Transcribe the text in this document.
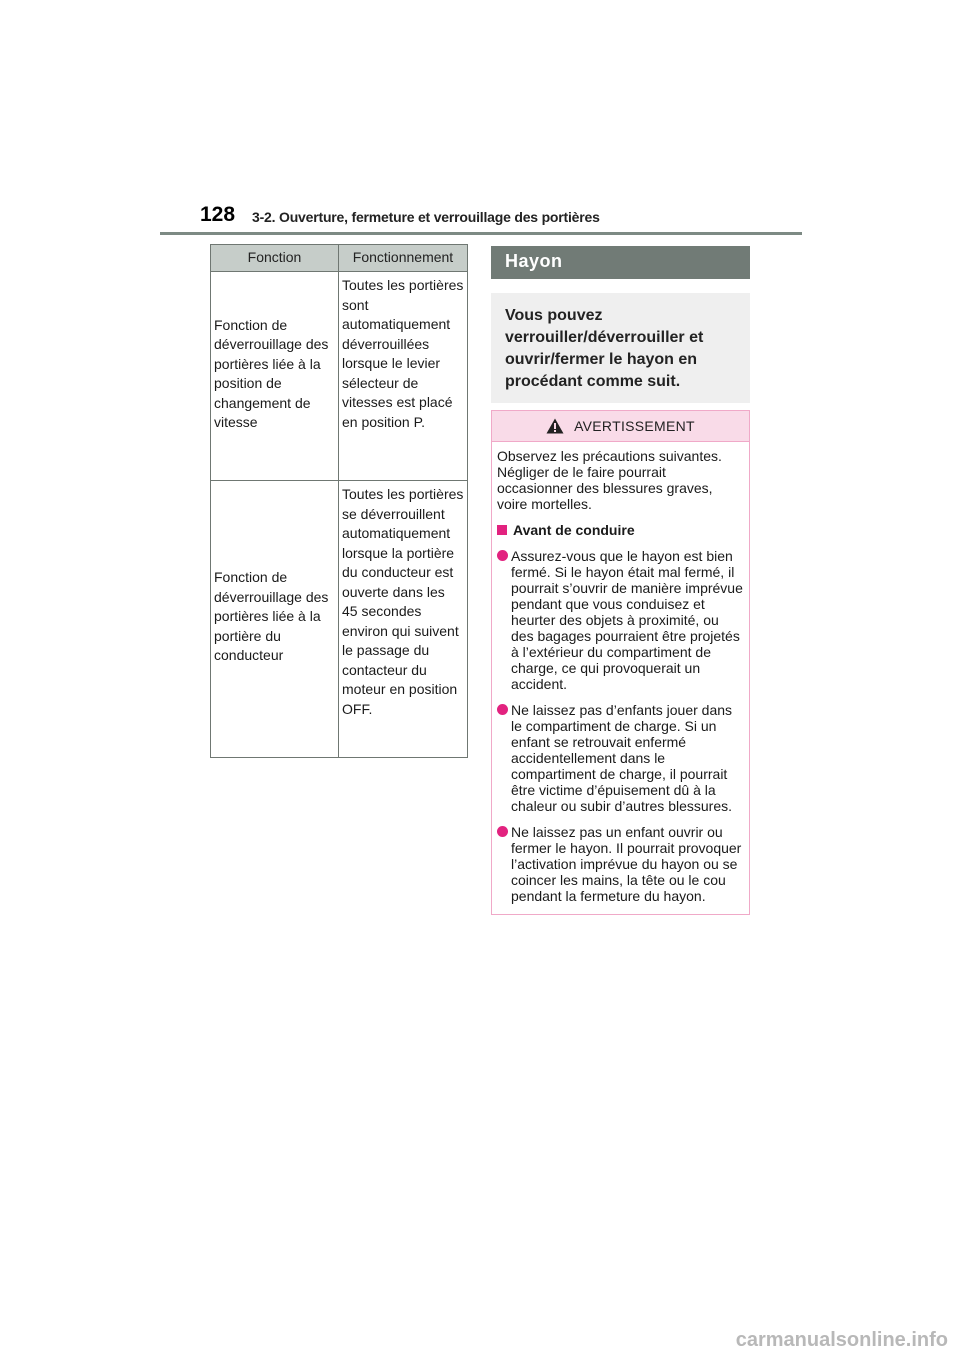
128 3-2. Ouverture, fermeture et verrouillage des portières
Fonction	Fonctionnement
Fonction de déverrouillage des portières liée à la position de changement de vitesse	Toutes les portières sont automatiquement déverrouillées lorsque le levier sélecteur de vitesses est placé en position P.
Fonction de déverrouillage des portières liée à la portière du conducteur	Toutes les portières se déverrouillent automatiquement lorsque la portière du conducteur est ouverte dans les 45 secondes environ qui suivent le passage du contacteur du moteur en position OFF.
Hayon
Vous pouvez verrouiller/déverrouiller et ouvrir/fermer le hayon en procédant comme suit.
AVERTISSEMENT

Observez les précautions suivantes. Négliger de le faire pourrait occasionner des blessures graves, voire mortelles.

Avant de conduire
Assurez-vous que le hayon est bien fermé. Si le hayon était mal fermé, il pourrait s’ouvrir de manière imprévue pendant que vous conduisez et heurter des objets à proximité, ou des bagages pourraient être projetés à l’extérieur du compartiment de charge, ce qui provoquerait un accident.
Ne laissez pas d’enfants jouer dans le compartiment de charge. Si un enfant se retrouvait enfermé accidentellement dans le compartiment de charge, il pourrait être victime d’épuisement dû à la chaleur ou subir d’autres blessures.
Ne laissez pas un enfant ouvrir ou fermer le hayon. Il pourrait provoquer l’activation imprévue du hayon ou se coincer les mains, la tête ou le cou pendant la fermeture du hayon.
carmanualsonline.info
